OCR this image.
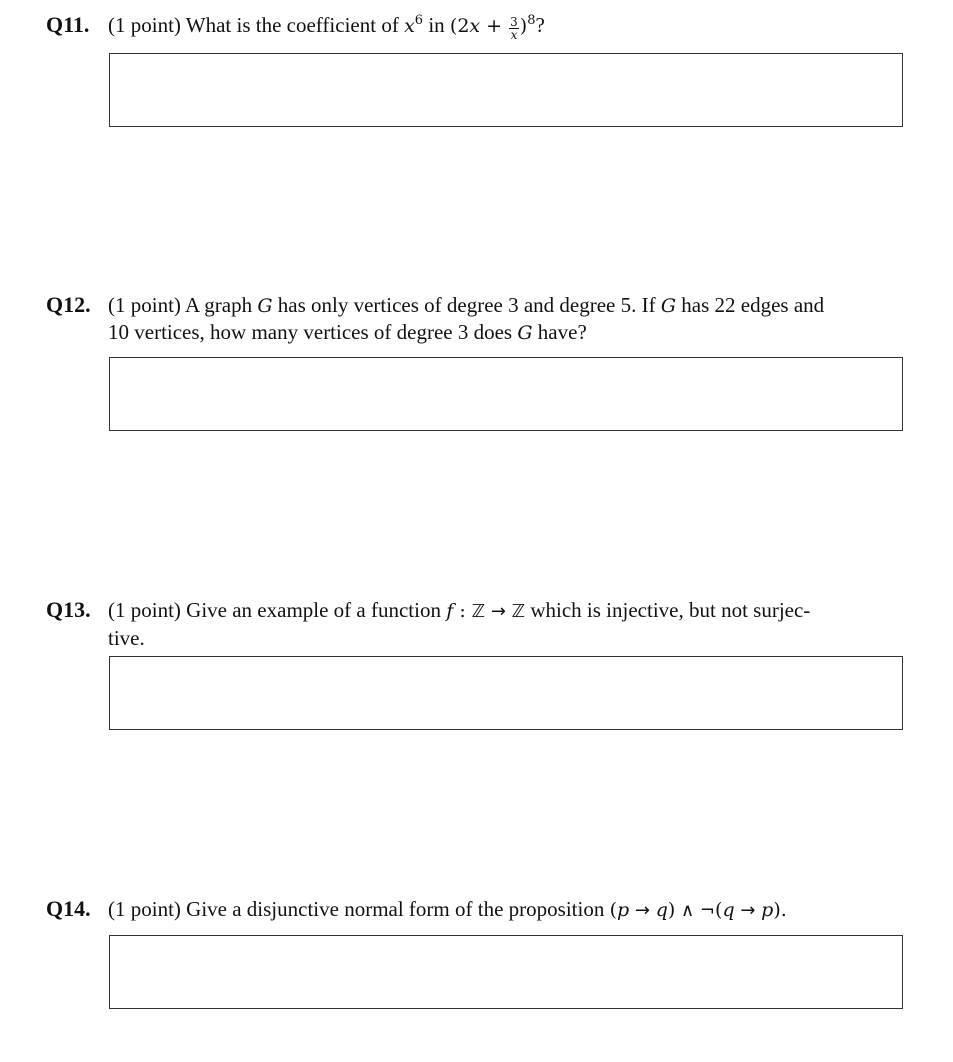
Q11. (1 point) What is the coefficient of $x^6$ in $(2x + \frac{3}{x} )^8$?
Q12. (1 point) A graph G has only vertices of degree 3 and degree 5. If G has 22 edges and
10 vertices, how many vertices of degree 3 does G have?
Q13. (1 point) Give an example of a function f : ℤ → ℤ which is injective, but not surjec-
tive.
Q14. (1 point) Give a disjunctive normal form of the proposition (p → q) ∧ ¬(q → p).
